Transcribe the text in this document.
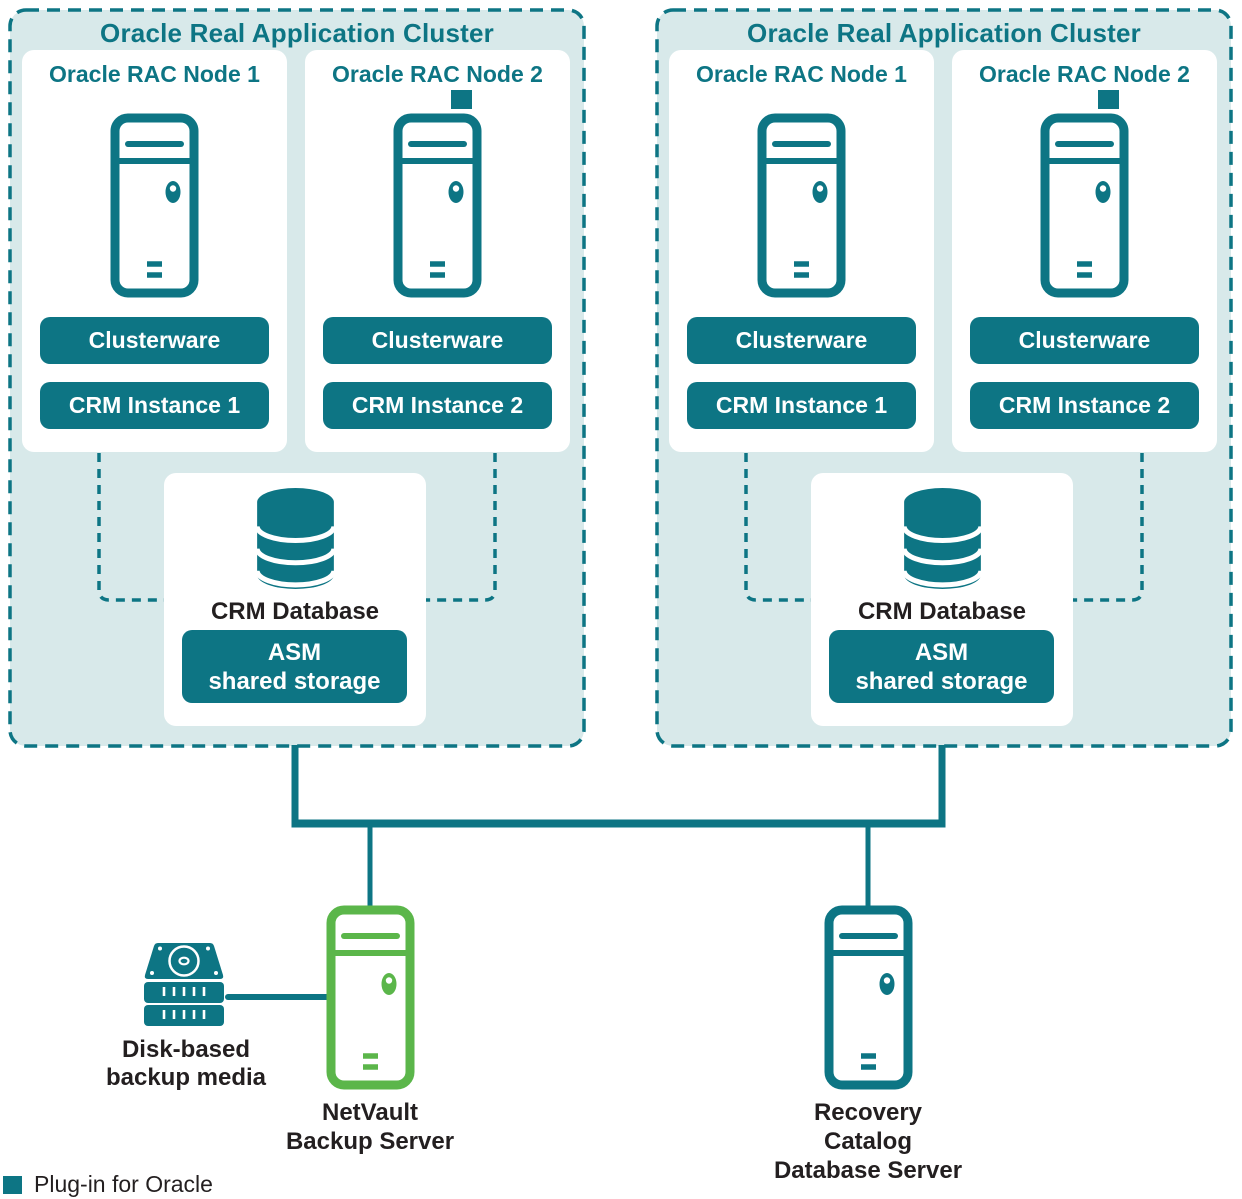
Oracle Real Application Cluster
Oracle RAC Node 1
Clusterware
CRM Instance 1
Oracle RAC Node 2
Clusterware
CRM Instance 2
CRM Database
ASM
shared storage
Oracle Real Application Cluster
Oracle RAC Node 1
Clusterware
CRM Instance 1
Oracle RAC Node 2
Clusterware
CRM Instance 2
CRM Database
ASM
shared storage
Disk-based
backup media
NetVault
Backup Server
Recovery Catalog
Database Server
Plug-in for Oracle
